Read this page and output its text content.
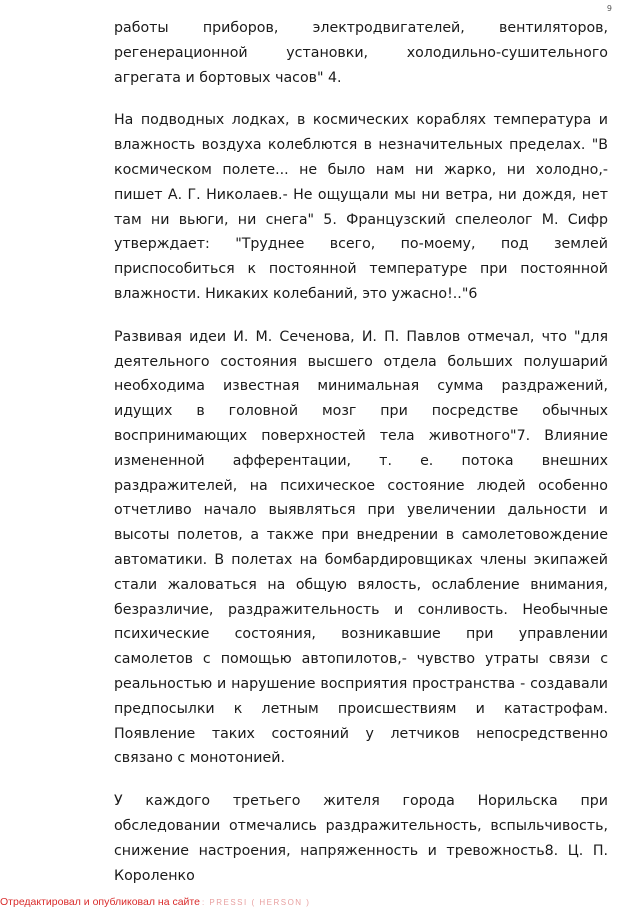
9

работы приборов, электродвигателей, вентиляторов, регенерационной установки, холодильно-сушительного агрегата и бортовых часов" 4.

На подводных лодках, в космических кораблях температура и влажность воздуха колеблются в незначительных пределах. "В космическом полете... не было нам ни жарко, ни холодно,- пишет А. Г. Николаев.- Не ощущали мы ни ветра, ни дождя, нет там ни вьюги, ни снега" 5. Французский спелеолог М. Сифр утверждает: "Труднее всего, по-моему, под землей приспособиться к постоянной температуре при постоянной влажности. Никаких колебаний, это ужасно!.."6

Развивая идеи И. М. Сеченова, И. П. Павлов отмечал, что "для деятельного состояния высшего отдела больших полушарий необходима известная минимальная сумма раздражений, идущих в головной мозг при посредстве обычных воспринимающих поверхностей тела животного"7. Влияние измененной афферентации, т. е. потока внешних раздражителей, на психическое состояние людей особенно отчетливо начало выявляться при увеличении дальности и высоты полетов, а также при внедрении в самолетовождение автоматики. В полетах на бомбардировщиках члены экипажей стали жаловаться на общую вялость, ослабление внимания, безразличие, раздражительность и сонливость. Необычные психические состояния, возникавшие при управлении самолетов с помощью автопилотов,- чувство утраты связи с реальностью и нарушение восприятия пространства - создавали предпосылки к летным происшествиям и катастрофам. Появление таких состояний у летчиков непосредственно связано с монотонией.

У каждого третьего жителя города Норильска при обследовании отмечались раздражительность, вспыльчивость, снижение настроения, напряженность и тревожность8. Ц. П. Короленко

Отредактировал и опубликовал на сайте : PRESSI ( HERSON )
